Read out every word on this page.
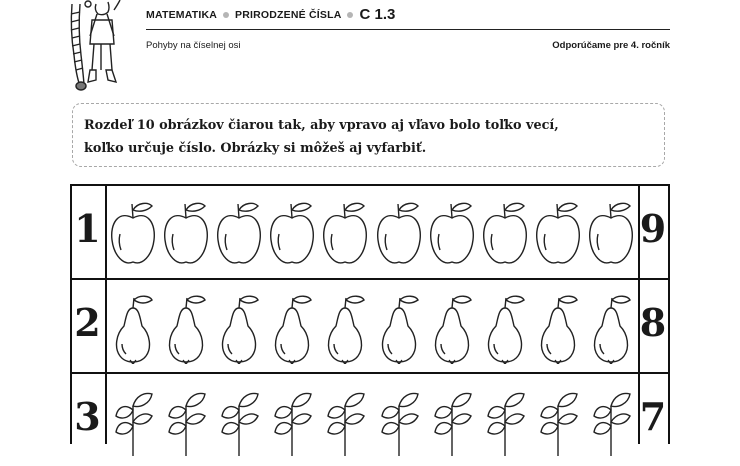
MATEMATIKA PRIRODZENÉ ČÍSLA C 1.3
Pohyby na číselnej osi	Odporúčame pre 4. ročník
Rozdeľ 10 obrázkov čiarou tak, aby vpravo aj vľavo bolo toľko vecí,
koľko určuje číslo. Obrázky si môžeš aj vyfarbiť.
1	9
2	8
3	7
